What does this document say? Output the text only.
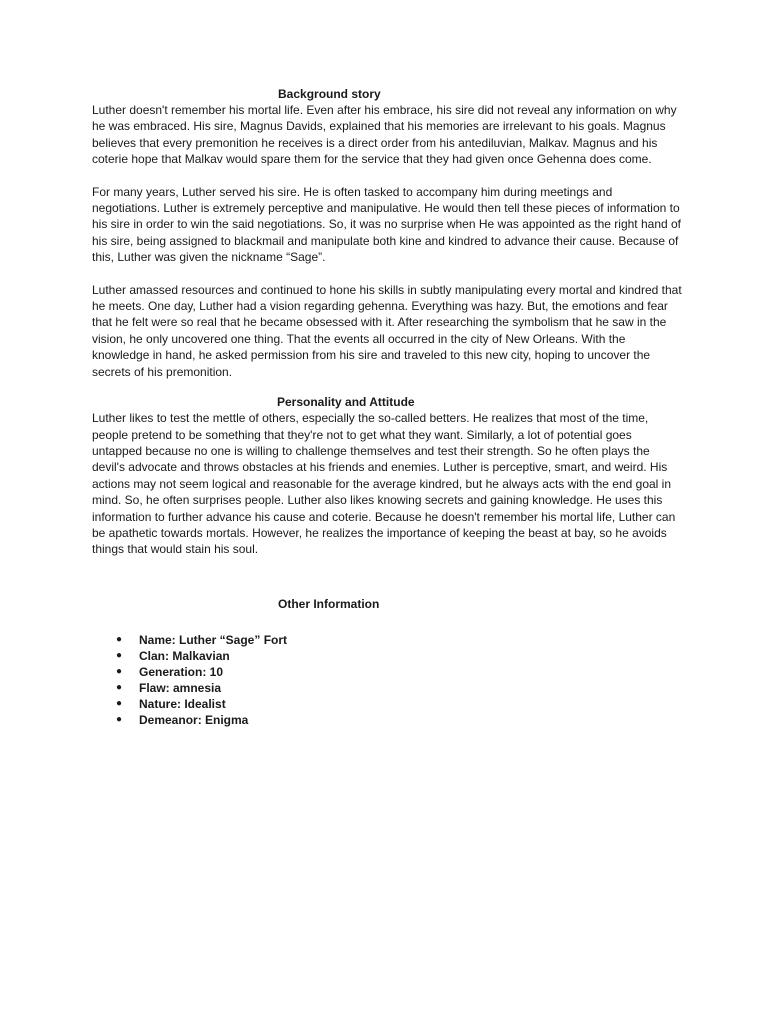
Background story

Luther doesn't remember his mortal life. Even after his embrace, his sire did not reveal any information on why he was embraced. His sire, Magnus Davids, explained that his memories are irrelevant to his goals. Magnus believes that every premonition he receives is a direct order from his antediluvian, Malkav. Magnus and his coterie hope that Malkav would spare them for the service that they had given once Gehenna does come.

For many years, Luther served his sire. He is often tasked to accompany him during meetings and negotiations. Luther is extremely perceptive and manipulative. He would then tell these pieces of information to his sire in order to win the said negotiations. So, it was no surprise when He was appointed as the right hand of his sire, being assigned to blackmail and manipulate both kine and kindred to advance their cause. Because of this, Luther was given the nickname “Sage”.

Luther amassed resources and continued to hone his skills in subtly manipulating every mortal and kindred that he meets. One day, Luther had a vision regarding gehenna. Everything was hazy. But, the emotions and fear that he felt were so real that he became obsessed with it. After researching the symbolism that he saw in the vision, he only uncovered one thing. That the events all occurred in the city of New Orleans. With the knowledge in hand, he asked permission from his sire and traveled to this new city, hoping to uncover the secrets of his premonition.

Personality and Attitude

Luther likes to test the mettle of others, especially the so-called betters. He realizes that most of the time, people pretend to be something that they're not to get what they want. Similarly, a lot of potential goes untapped because no one is willing to challenge themselves and test their strength. So he often plays the devil's advocate and throws obstacles at his friends and enemies. Luther is perceptive, smart, and weird. His actions may not seem logical and reasonable for the average kindred, but he always acts with the end goal in mind. So, he often surprises people. Luther also likes knowing secrets and gaining knowledge. He uses this information to further advance his cause and coterie. Because he doesn't remember his mortal life, Luther can be apathetic towards mortals. However, he realizes the importance of keeping the beast at bay, so he avoids things that would stain his soul.

Other Information

●	Name: Luther “Sage” Fort
●	Clan: Malkavian
●	Generation: 10
●	Flaw: amnesia
●	Nature: Idealist
●	Demeanor: Enigma
